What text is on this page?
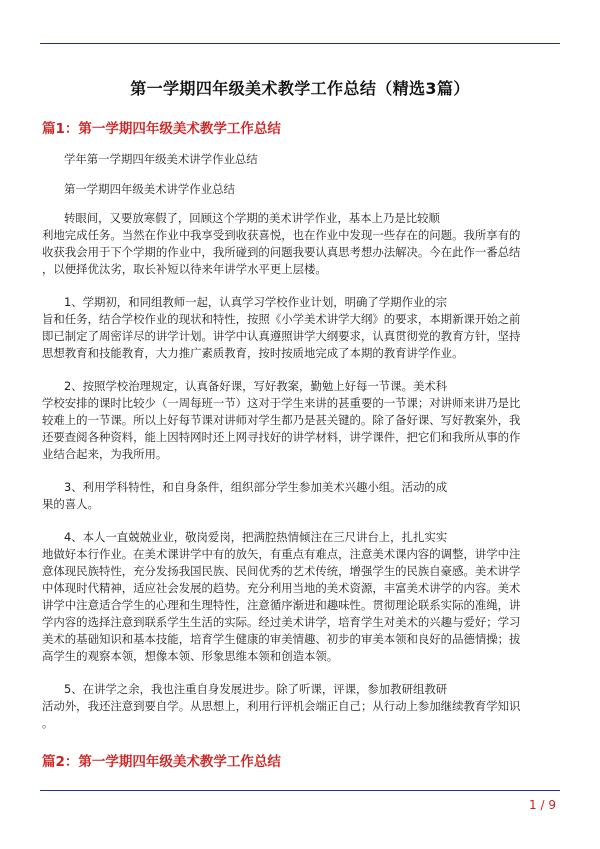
第一学期四年级美术教学工作总结（精选3篇）
篇1：第一学期四年级美术教学工作总结
学年第一学期四年级美术讲学作业总结
第一学期四年级美术讲学作业总结
转眼间，又要放寒假了，回顾这个学期的美术讲学作业，基本上乃是比较顺
利地完成任务。当然在作业中我享受到收获喜悦，也在作业中发现一些存在的问题。我所享有的
收获我会用于下个学期的作业中，我所碰到的问题我要认真思考想办法解决。今在此作一番总结
，以便择优汰劣，取长补短以待来年讲学水平更上层楼。
1、学期初，和同组教师一起，认真学习学校作业计划，明确了学期作业的宗
旨和任务，结合学校作业的现状和特性，按照《小学美术讲学大纲》的要求，本期新课开始之前
即已制定了周密详尽的讲学计划。讲学中认真遵照讲学大纲要求，认真贯彻党的教育方针，坚持
思想教育和技能教育，大力推广素质教育，按时按质地完成了本期的教育讲学作业。
2、按照学校治理规定，认真备好课，写好教案，勤勉上好每一节课。美术科
学校安排的课时比较少（一周每班一节）这对于学生来讲的甚重要的一节课；对讲师来讲乃是比
较难上的一节课。所以上好每节课对讲师对学生都乃是甚关键的。除了备好课、写好教案外，我
还要查阅各种资料，能上因特网时还上网寻找好的讲学材料，讲学课件，把它们和我所从事的作
业结合起来，为我所用。
3、利用学科特性，和自身条件，组织部分学生参加美术兴趣小组。活动的成
果的喜人。
4、本人一直兢兢业业，敬岗爱岗，把满腔热情倾注在三尺讲台上，扎扎实实
地做好本行作业。在美术课讲学中有的放矢，有重点有难点，注意美术课内容的调整，讲学中注
意体现民族特性，充分发扬我国民族、民间优秀的艺术传统，增强学生的民族自豪感。美术讲学
中体现时代精神，适应社会发展的趋势。充分利用当地的美术资源，丰富美术讲学的内容。美术
讲学中注意适合学生的心理和生理特性，注意循序渐进和趣味性。贯彻理论联系实际的准绳，讲
学内容的选择注意到联系学生生活的实际。经过美术讲学，培育学生对美术的兴趣与爱好；学习
美术的基础知识和基本技能，培育学生健康的审美情趣、初步的审美本领和良好的品德情操；拔
高学生的观察本领，想像本领、形象思维本领和创造本领。
5、在讲学之余，我也注重自身发展进步。除了听课，评课，参加教研组教研
活动外，我还注意到要自学。从思想上，利用行评机会端正自己；从行动上参加继续教育学知识
。
篇2：第一学期四年级美术教学工作总结
1 / 9
